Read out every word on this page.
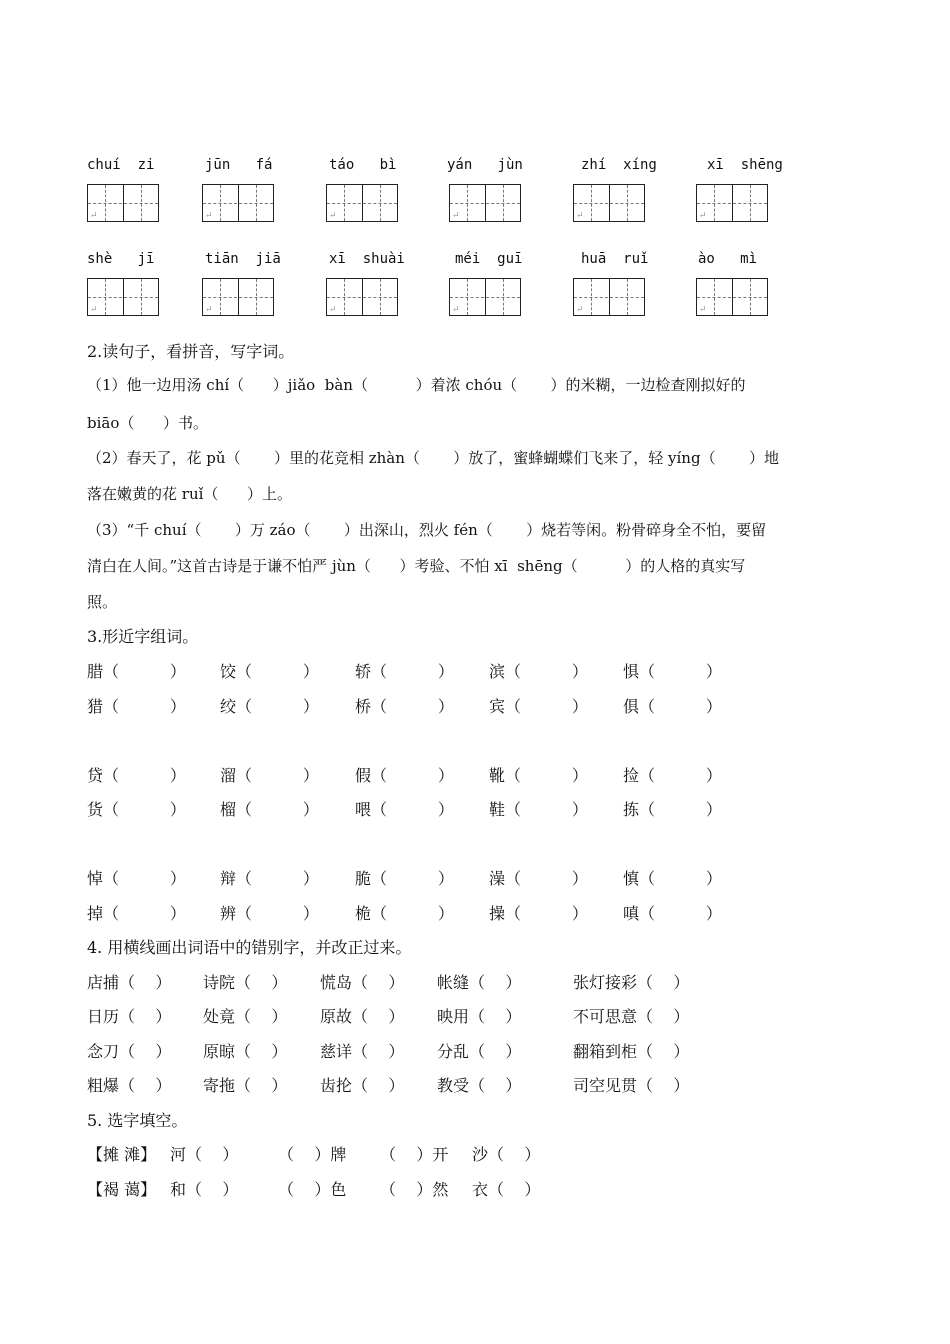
chuí  zi	jūn   fá	táo   bì	yán   jùn	zhí  xíng	xī  shēng
↵	↵	↵	↵	↵	↵
shè   jī	tiān  jiā	xī  shuài	méi  guī	huā  ruǐ	ào   mì
↵	↵	↵	↵	↵	↵
2.读句子，看拼音，写字词。
（1）他一边用汤 chí（      ）jiǎo  bàn（          ）着浓 chóu（       ）的米糊，一边检查刚拟好的
biāo（      ）书。
（2）春天了，花 pǔ（       ）里的花竞相 zhàn（       ）放了，蜜蜂蝴蝶们飞来了，轻 yíng（       ）地
落在嫩黄的花 ruǐ（      ）上。
（3）“千 chuí（       ）万 záo（       ）出深山，烈火 fén（       ）烧若等闲。粉骨碎身全不怕，要留
清白在人间。”这首古诗是于谦不怕严 jùn（      ）考验、不怕 xī  shēng（          ）的人格的真实写
照。
3.形近字组词。
4. 用横线画出词语中的错别字，并改正过来。
5. 选字填空。
腊（          ） 饺（          ） 轿（          ） 滨（          ） 惧（          ）
猎（          ） 绞（          ） 桥（          ） 宾（          ） 俱（          ）
贷（          ） 溜（          ） 假（          ） 靴（          ） 捡（          ）
货（          ） 榴（          ） 喂（          ） 鞋（          ） 拣（          ）
悼（          ） 辩（          ） 脆（          ） 澡（          ） 慎（          ）
掉（          ） 辨（          ） 桅（          ） 操（          ） 嗔（          ）
店捕（    ） 诗院（    ） 慌岛（    ） 帐缝（    ）	张灯接彩（    ）
日历（    ） 处竟（    ） 原故（    ） 映用（    ）	不可思意（    ）
念刀（    ） 原晾（    ） 慈详（    ） 分乱（    ）	翻箱到柜（    ）
粗爆（    ） 寄拖（    ） 齿抡（    ） 教受（    ）	司空见贯（    ）
【摊 滩】 河（    ） （    ）牌 （    ）开 沙（    ）
【褐 蔼】 和（    ） （    ）色 （    ）然 衣（    ）
